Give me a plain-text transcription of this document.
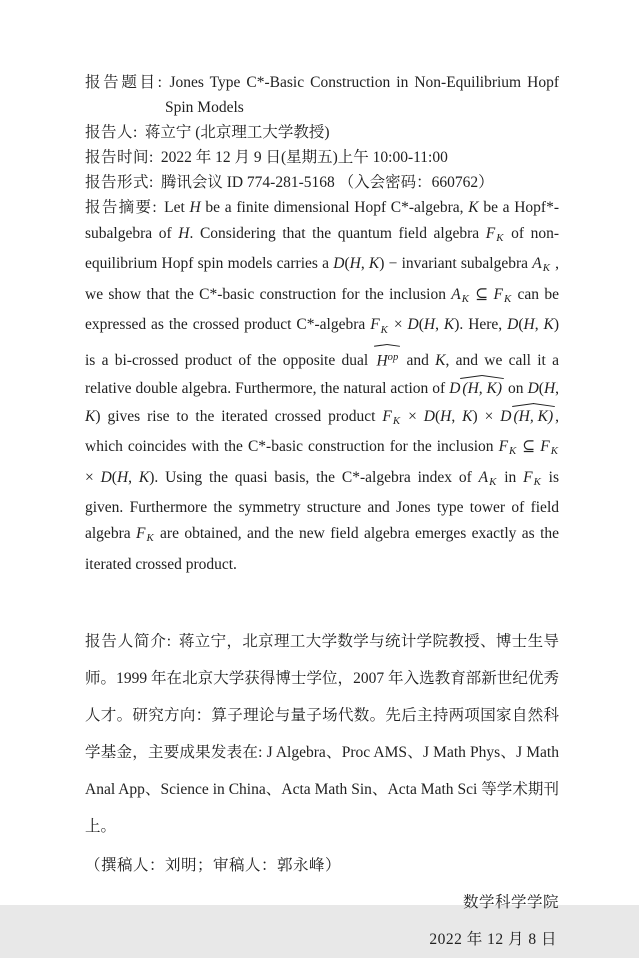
报告题目: Jones Type C*-Basic Construction in Non-Equilibrium Hopf Spin Models

报告人: 蒋立宁 (北京理工大学教授)

报告时间: 2022 年 12 月 9 日(星期五)上午 10:00-11:00

报告形式: 腾讯会议 ID 774-281-5168 （入会密码：660762）

报告摘要: Let H be a finite dimensional Hopf C*-algebra, K be a Hopf*-subalgebra of H. Considering that the quantum field algebra FK of non-equilibrium Hopf spin models carries a D(H, K) − invariant subalgebra AK , we show that the C*-basic construction for the inclusion AK ⊆ FK can be expressed as the crossed product C*-algebra FK × D(H, K). Here, D(H, K) is a bi-crossed product of the opposite dual $H^{op}$ and K, and we call it a relative double algebra. Furthermore, the natural action of D (H, K) on D(H, K) gives rise to the iterated crossed product FK × D(H, K) × D (H, K) , which coincides with the C*-basic construction for the inclusion FK ⊆ FK × D(H, K). Using the quasi basis, the C*-algebra index of AK in FK is given. Furthermore the symmetry structure and Jones type tower of field algebra FK are obtained, and the new field algebra emerges exactly as the iterated crossed product.

报告人简介: 蒋立宁，北京理工大学数学与统计学院教授、博士生导师。1999 年在北京大学获得博士学位，2007 年入选教育部新世纪优秀人才。研究方向：算子理论与量子场代数。先后主持两项国家自然科学基金，主要成果发表在: J Algebra、Proc AMS、J Math Phys、J Math Anal App、Science in China、Acta Math Sin、Acta Math Sci 等学术期刊上。

（撰稿人：刘明；审稿人：郭永峰）

数学科学学院

2022 年 12 月 8 日
